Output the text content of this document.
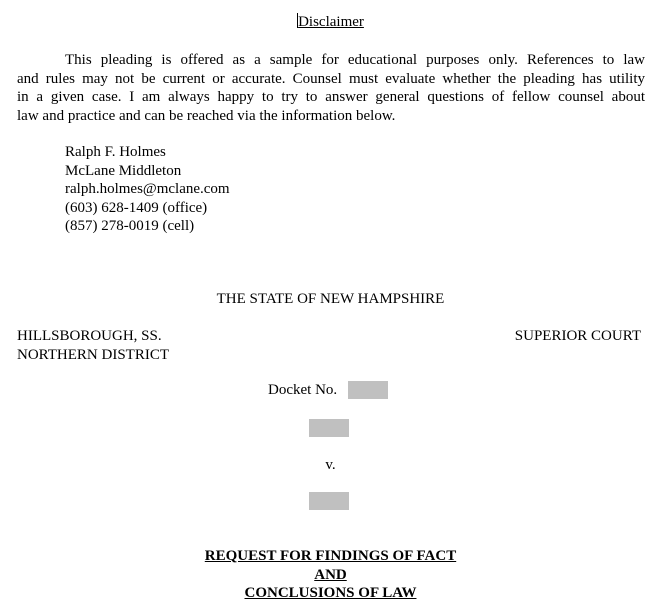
Disclaimer
This pleading is offered as a sample for educational purposes only. References to law
and rules may not be current or accurate. Counsel must evaluate whether the pleading has utility
in a given case. I am always happy to try to answer general questions of fellow counsel about
law and practice and can be reached via the information below.
Ralph F. Holmes
McLane Middleton
ralph.holmes@mclane.com
(603) 628-1409 (office)
(857) 278-0019 (cell)
THE STATE OF NEW HAMPSHIRE
HILLSBOROUGH, SS.	SUPERIOR COURT
NORTHERN DISTRICT
Docket No.
v.
REQUEST FOR FINDINGS OF FACT
AND
CONCLUSIONS OF LAW
